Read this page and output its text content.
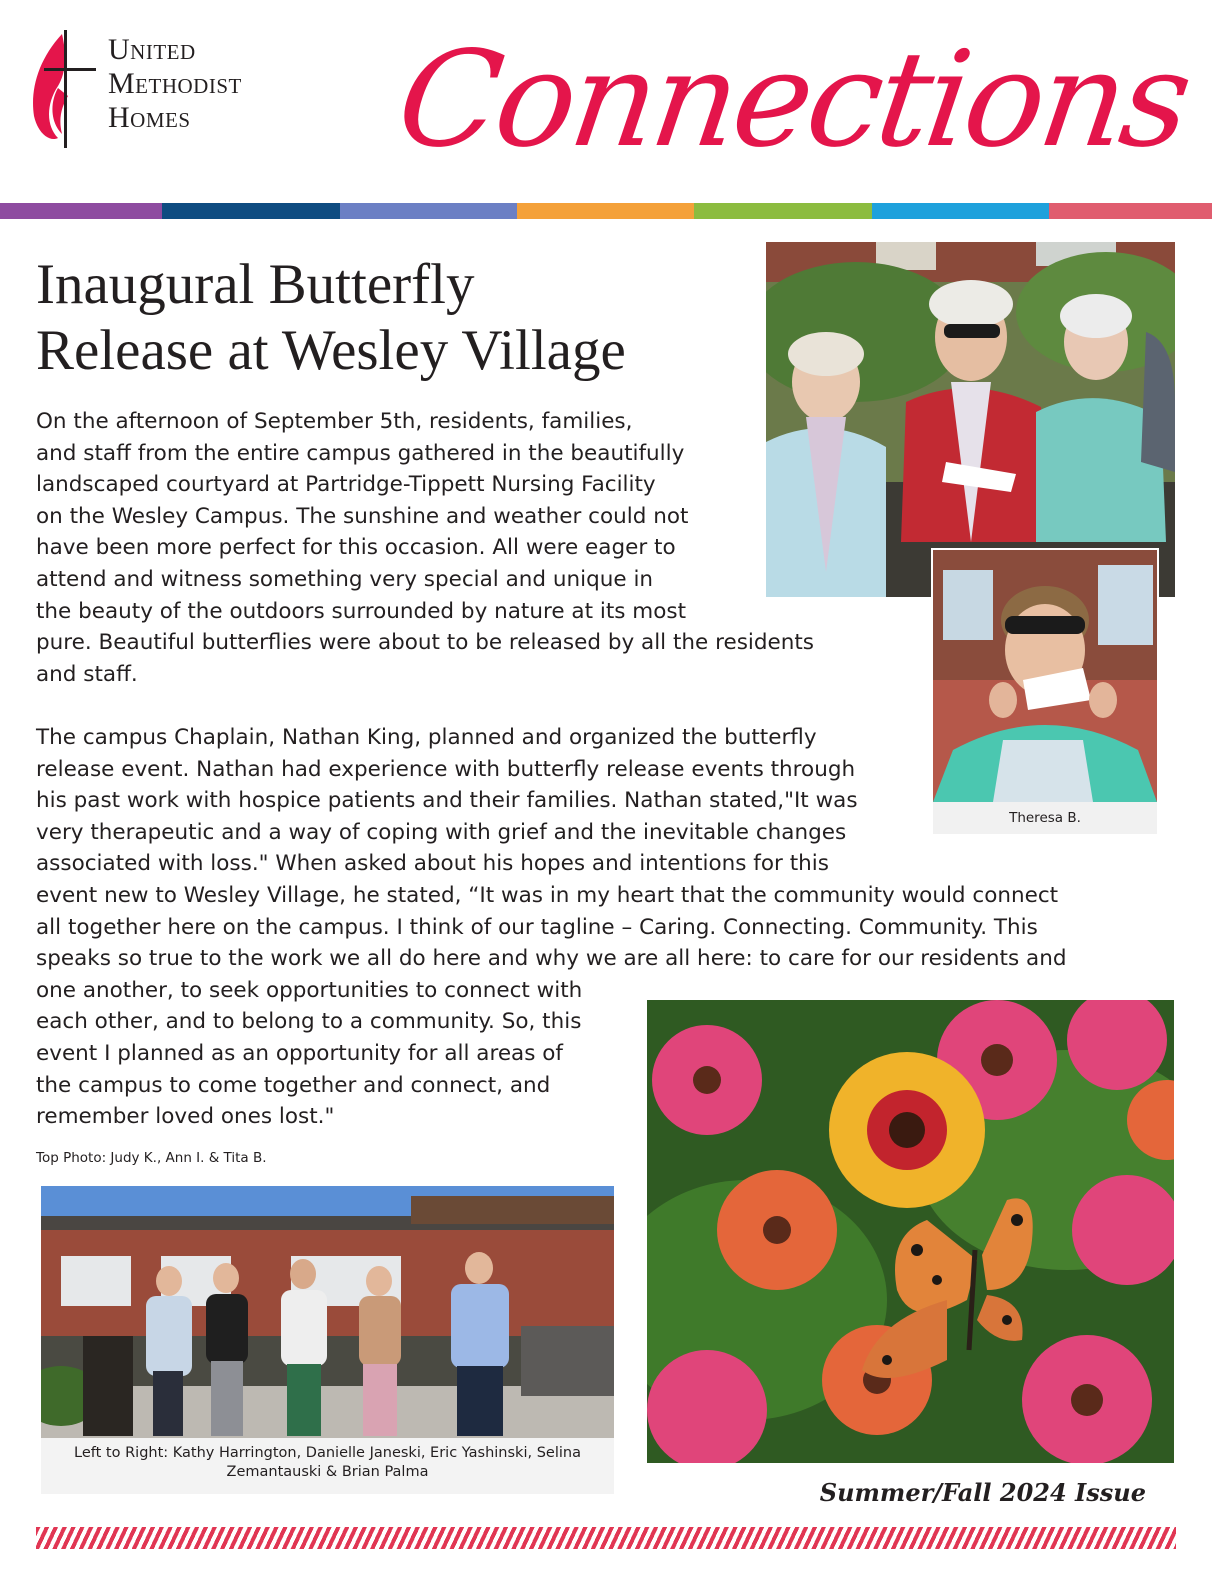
United
Methodist
Homes	Connections
Inaugural Butterfly
Release at Wesley Village
On the afternoon of September 5th, residents, families,
and staff from the entire campus gathered in the beautifully
landscaped courtyard at Partridge-Tippett Nursing Facility
on the Wesley Campus. The sunshine and weather could not
have been more perfect for this occasion. All were eager to
attend and witness something very special and unique in
the beauty of the outdoors surrounded by nature at its most
pure. Beautiful butterflies were about to be released by all the residents
and staff.
The campus Chaplain, Nathan King, planned and organized the butterfly
release event. Nathan had experience with butterfly release events through
his past work with hospice patients and their families. Nathan stated,"It was
very therapeutic and a way of coping with grief and the inevitable changes
associated with loss." When asked about his hopes and intentions for this
event new to Wesley Village, he stated, “It was in my heart that the community would connect
all together here on the campus. I think of our tagline – Caring. Connecting. Community. This
speaks so true to the work we all do here and why we are all here: to care for our residents and
one another, to seek opportunities to connect with
each other, and to belong to a community. So, this
event I planned as an opportunity for all areas of
the campus to come together and connect, and
remember loved ones lost."
Top Photo: Judy K., Ann I. & Tita B.
Theresa B.
Left to Right: Kathy Harrington, Danielle Janeski, Eric Yashinski, Selina
Zemantauski & Brian Palma
Summer/Fall 2024 Issue
